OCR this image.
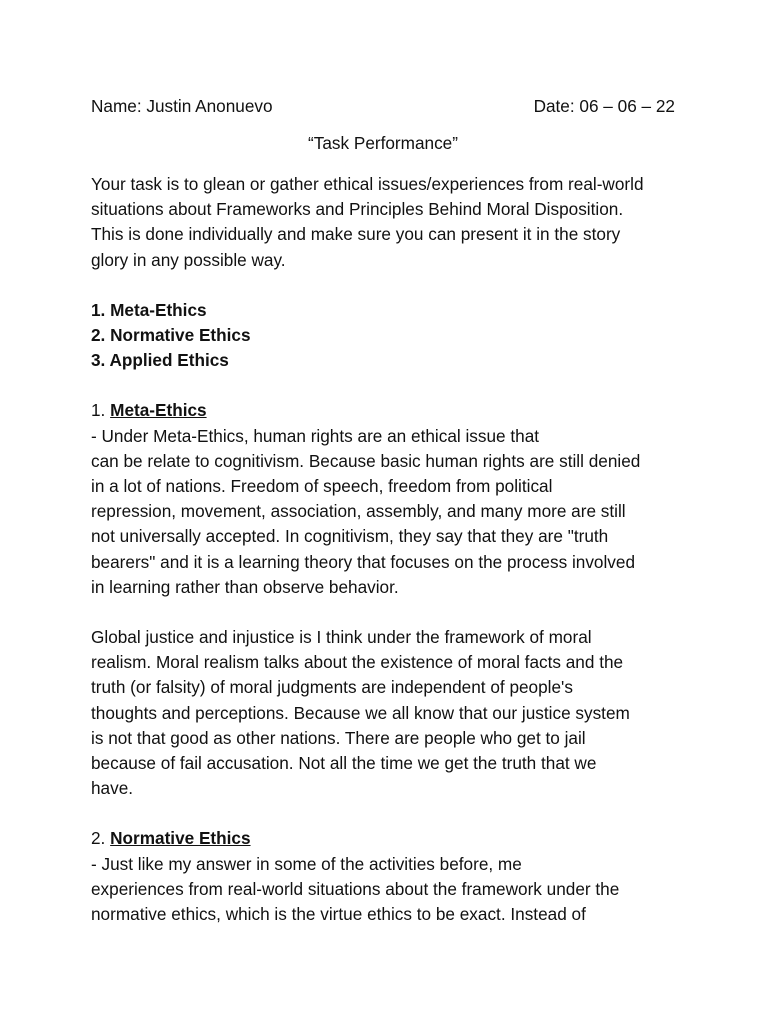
Name: Justin Anonuevo	Date: 06 – 06 – 22
“Task Performance”
Your task is to glean or gather ethical issues/experiences from real-world
situations about Frameworks and Principles Behind Moral Disposition.
This is done individually and make sure you can present it in the story
glory in any possible way.

1. Meta-Ethics

2. Normative Ethics

3. Applied Ethics

1. Meta-Ethics

- Under Meta-Ethics, human rights are an ethical issue that
can be relate to cognitivism. Because basic human rights are still denied
in a lot of nations. Freedom of speech, freedom from political
repression, movement, association, assembly, and many more are still
not universally accepted. In cognitivism, they say that they are "truth
bearers" and it is a learning theory that focuses on the process involved
in learning rather than observe behavior.
Global justice and injustice is I think under the framework of moral
realism. Moral realism talks about the existence of moral facts and the
truth (or falsity) of moral judgments are independent of people's
thoughts and perceptions. Because we all know that our justice system
is not that good as other nations. There are people who get to jail
because of fail accusation. Not all the time we get the truth that we
have.

2. Normative Ethics

- Just like my answer in some of the activities before, me
experiences from real-world situations about the framework under the
normative ethics, which is the virtue ethics to be exact. Instead of
